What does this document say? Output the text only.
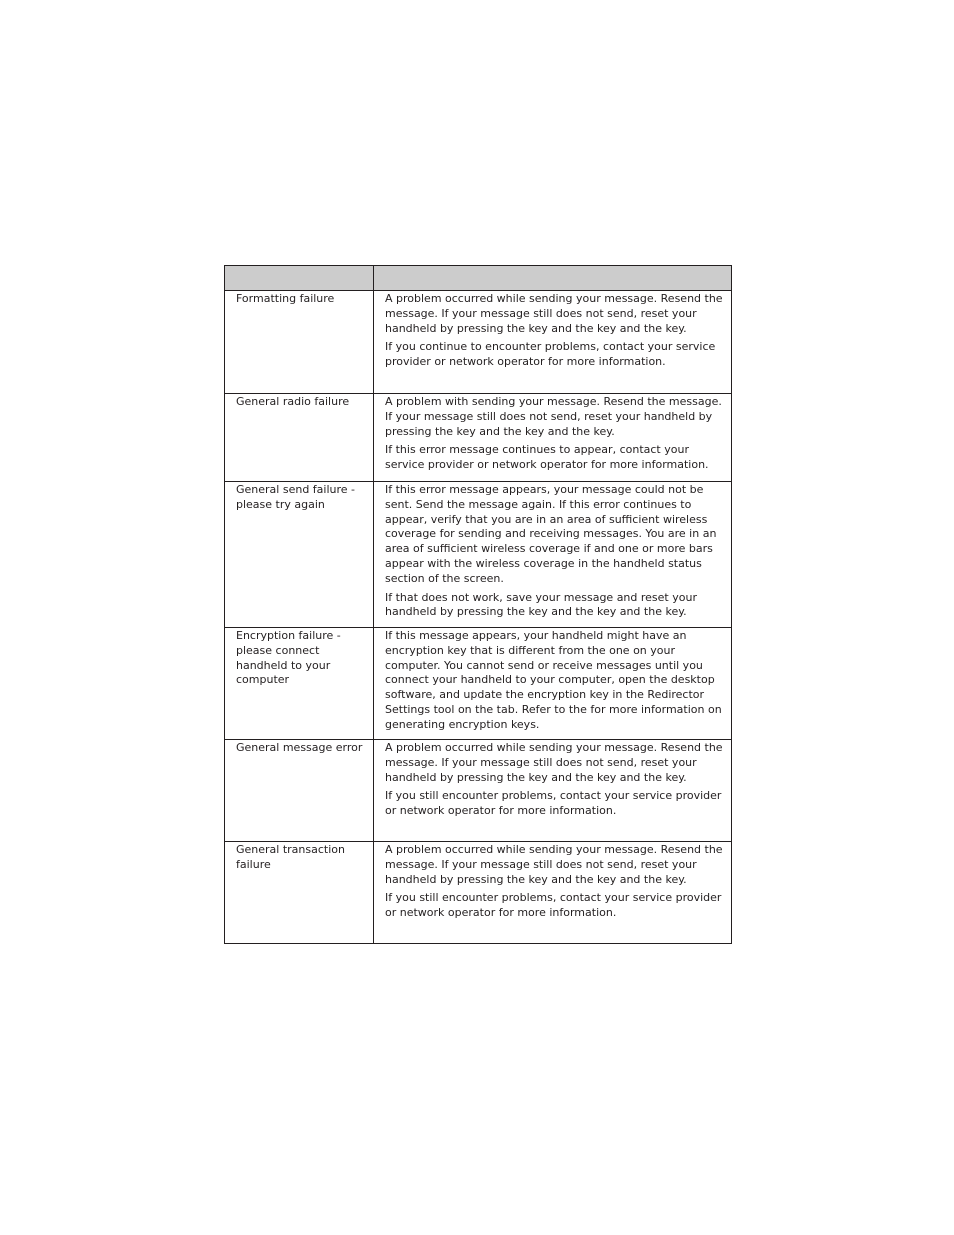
Formatting failure	A problem occurred while sending your message. Resend the message. If your message still does not send, reset your handheld by pressing the key and the key and the key.

If you continue to encounter problems, contact your service provider or network operator for more information.

General radio failure	A problem with sending your message. Resend the message. If your message still does not send, reset your handheld by pressing the key and the key and the key.

If this error message continues to appear, contact your service provider or network operator for more information.

General send failure - please try again	If this error message appears, your message could not be sent. Send the message again. If this error continues to appear, verify that you are in an area of sufficient wireless coverage for sending and receiving messages. You are in an area of sufficient wireless coverage if and one or more bars appear with the wireless coverage in the handheld status section of the screen.

If that does not work, save your message and reset your handheld by pressing the key and the key and the key.

Encryption failure - please connect handheld to your computer	If this message appears, your handheld might have an encryption key that is different from the one on your computer. You cannot send or receive messages until you connect your handheld to your computer, open the desktop software, and update the encryption key in the Redirector Settings tool on the tab. Refer to the for more information on generating encryption keys.

General message error	A problem occurred while sending your message. Resend the message. If your message still does not send, reset your handheld by pressing the key and the key and the key.

If you still encounter problems, contact your service provider or network operator for more information.

General transaction failure	A problem occurred while sending your message. Resend the message. If your message still does not send, reset your handheld by pressing the key and the key and the key.

If you still encounter problems, contact your service provider or network operator for more information.
